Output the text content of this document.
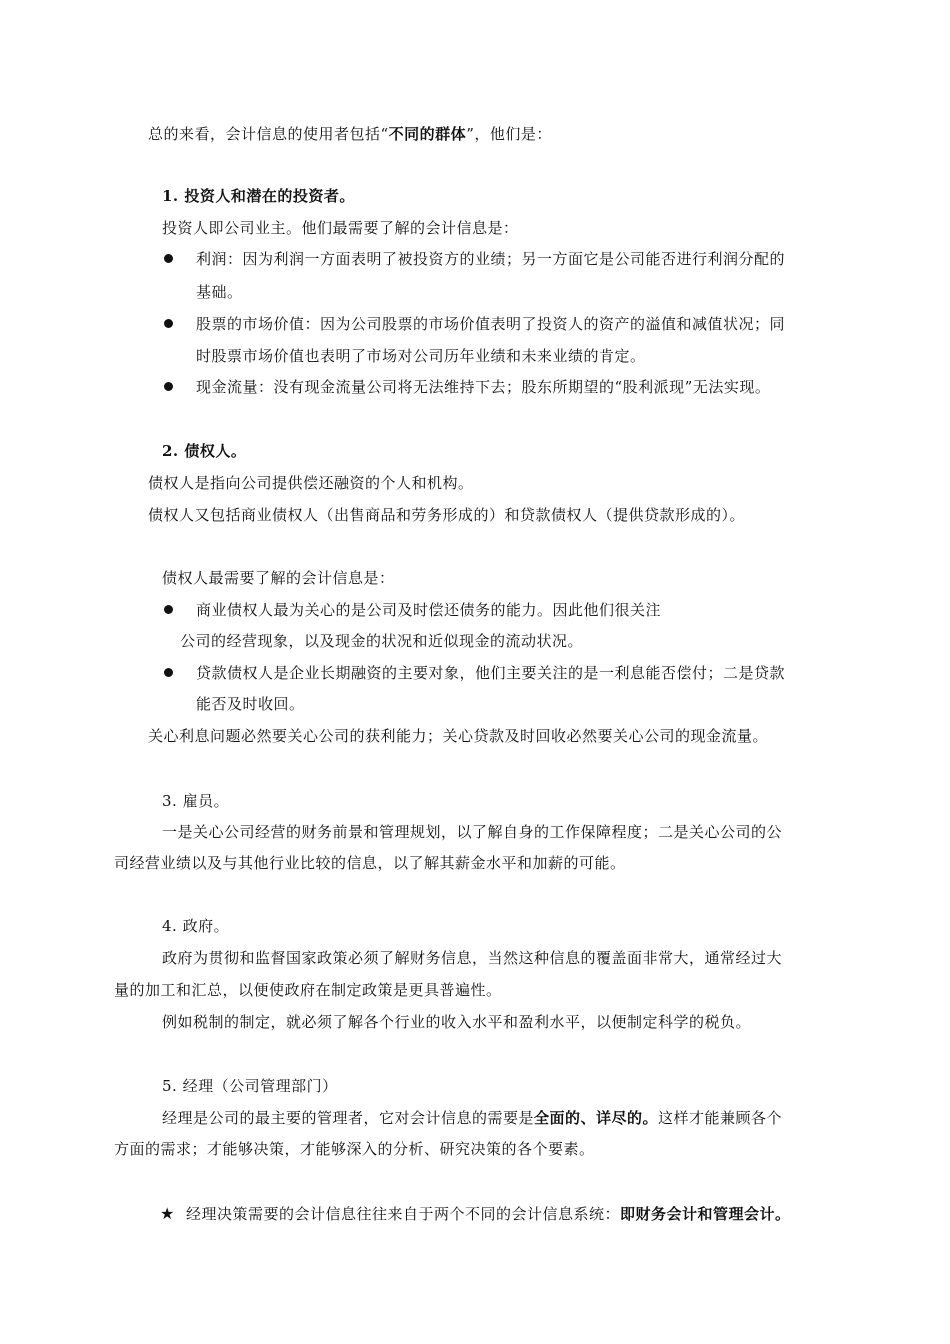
总的来看，会计信息的使用者包括“不同的群体”，他们是：
1. 投资人和潜在的投资者。
投资人即公司业主。他们最需要了解的会计信息是：
利润：因为利润一方面表明了被投资方的业绩；另一方面它是公司能否进行利润分配的
基础。
股票的市场价值：因为公司股票的市场价值表明了投资人的资产的溢值和减值状况；同
时股票市场价值也表明了市场对公司历年业绩和未来业绩的肯定。
现金流量：没有现金流量公司将无法维持下去；股东所期望的“股利派现”无法实现。
2. 债权人。
债权人是指向公司提供偿还融资的个人和机构。
债权人又包括商业债权人（出售商品和劳务形成的）和贷款债权人（提供贷款形成的）。
债权人最需要了解的会计信息是：
商业债权人最为关心的是公司及时偿还债务的能力。因此他们很关注
公司的经营现象，以及现金的状况和近似现金的流动状况。
贷款债权人是企业长期融资的主要对象，他们主要关注的是一利息能否偿付；二是贷款
能否及时收回。
关心利息问题必然要关心公司的获利能力；关心贷款及时回收必然要关心公司的现金流量。
3. 雇员。
一是关心公司经营的财务前景和管理规划，以了解自身的工作保障程度；二是关心公司的公
司经营业绩以及与其他行业比较的信息，以了解其薪金水平和加薪的可能。
4. 政府。
政府为贯彻和监督国家政策必须了解财务信息，当然这种信息的覆盖面非常大，通常经过大
量的加工和汇总，以便使政府在制定政策是更具普遍性。
例如税制的制定，就必须了解各个行业的收入水平和盈利水平，以便制定科学的税负。
5. 经理（公司管理部门）
经理是公司的最主要的管理者，它对会计信息的需要是全面的、详尽的。这样才能兼顾各个
方面的需求；才能够决策，才能够深入的分析、研究决策的各个要素。
★ 经理决策需要的会计信息往往来自于两个不同的会计信息系统：即财务会计和管理会计。
